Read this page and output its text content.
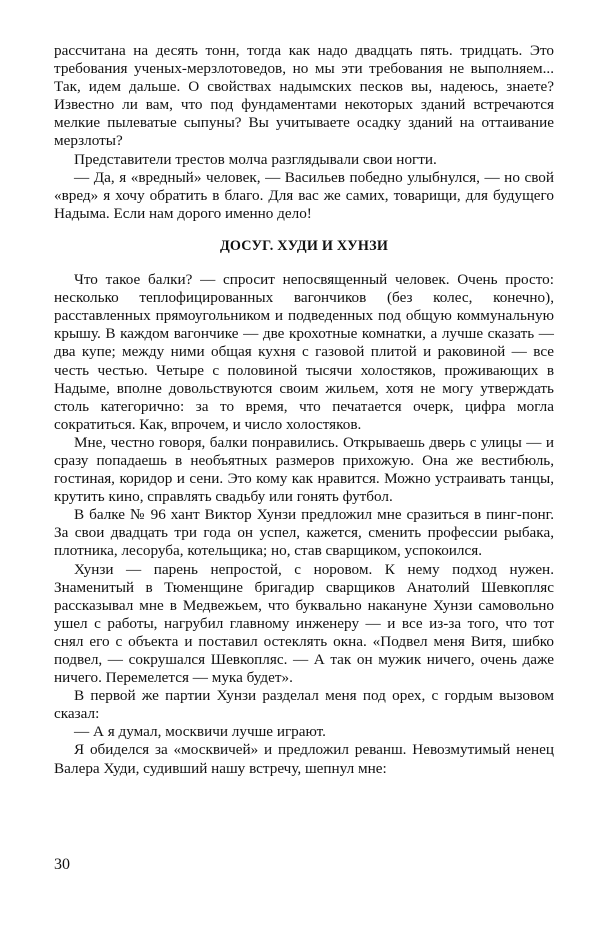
рассчитана на десять тонн, тогда как надо двадцать пять. тридцать. Это требования ученых-мерзлотоведов, но мы эти требования не выполняем... Так, идем дальше. О свойствах надымских песков вы, надеюсь, знаете? Известно ли вам, что под фундаментами некоторых зданий встречаются мелкие пылеватые сыпуны? Вы учитываете осадку зданий на оттаивание мерзлоты?

Представители трестов молча разглядывали свои ногти.

— Да, я «вредный» человек, — Васильев победно улыбнулся, — но свой «вред» я хочу обратить в благо. Для вас же самих, товарищи, для будущего Надыма. Если нам дорого именно дело!

ДОСУГ. ХУДИ И ХУНЗИ

Что такое балки? — спросит непосвященный человек. Очень просто: несколько теплофицированных вагончиков (без колес, конечно), расставленных прямоугольником и подведенных под общую коммунальную крышу. В каждом вагончике — две крохотные комнатки, а лучше сказать — два купе; между ними общая кухня с газовой плитой и раковиной — все честь честью. Четыре с половиной тысячи холостяков, проживающих в Надыме, вполне довольствуются своим жильем, хотя не могу утверждать столь категорично: за то время, что печатается очерк, цифра могла сократиться. Как, впрочем, и число холостяков.

Мне, честно говоря, балки понравились. Открываешь дверь с улицы — и сразу попадаешь в необъятных размеров прихожую. Она же вестибюль, гостиная, коридор и сени. Это кому как нравится. Можно устраивать танцы, крутить кино, справлять свадьбу или гонять футбол.

В балке № 96 хант Виктор Хунзи предложил мне сразиться в пинг-понг. За свои двадцать три года он успел, кажется, сменить профессии рыбака, плотника, лесоруба, котельщика; но, став сварщиком, успокоился.

Хунзи — парень непростой, с норовом. К нему подход нужен. Знаменитый в Тюменщине бригадир сварщиков Анатолий Шевкопляс рассказывал мне в Медвежьем, что буквально накануне Хунзи самовольно ушел с работы, нагрубил главному инженеру — и все из-за того, что тот снял его с объекта и поставил остеклять окна. «Подвел меня Витя, шибко подвел, — сокрушался Шевкопляс. — А так он мужик ничего, очень даже ничего. Перемелется — мука будет».

В первой же партии Хунзи разделал меня под орех, с гордым вызовом сказал:

— А я думал, москвичи лучше играют.

Я обиделся за «москвичей» и предложил реванш. Невозмутимый ненец Валера Худи, судивший нашу встречу, шепнул мне:

30
